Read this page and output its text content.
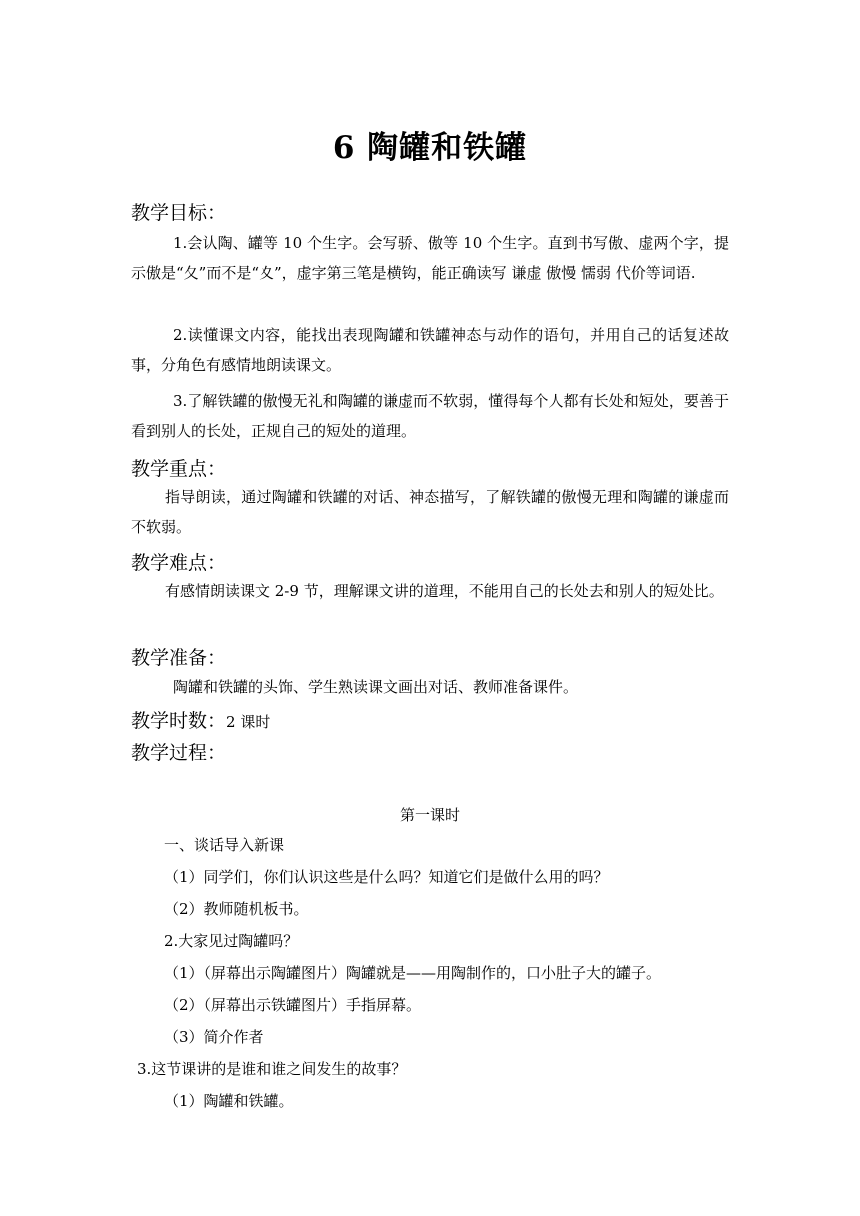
6 陶罐和铁罐
教学目标：
1.会认陶、罐等 10 个生字。会写骄、傲等 10 个生字。直到书写傲、虚两个字，提示傲是“夂”而不是“夊”，虚字第三笔是横钩，能正确读写 谦虚 傲慢 懦弱 代价等词语.
2.读懂课文内容，能找出表现陶罐和铁罐神态与动作的语句，并用自己的话复述故事，分角色有感情地朗读课文。
3.了解铁罐的傲慢无礼和陶罐的谦虚而不软弱，懂得每个人都有长处和短处，要善于看到别人的长处，正规自己的短处的道理。
教学重点：
指导朗读，通过陶罐和铁罐的对话、神态描写，了解铁罐的傲慢无理和陶罐的谦虚而不软弱。
教学难点：
有感情朗读课文 2-9 节，理解课文讲的道理，不能用自己的长处去和别人的短处比。
教学准备：
陶罐和铁罐的头饰、学生熟读课文画出对话、教师准备课件。
教学时数：2 课时
教学过程：
第一课时
一、谈话导入新课
（1）同学们，你们认识这些是什么吗？知道它们是做什么用的吗？
（2）教师随机板书。
2.大家见过陶罐吗？
（1）（屏幕出示陶罐图片）陶罐就是——用陶制作的，口小肚子大的罐子。
（2）（屏幕出示铁罐图片）手指屏幕。
（3）简介作者
3.这节课讲的是谁和谁之间发生的故事？
（1）陶罐和铁罐。
